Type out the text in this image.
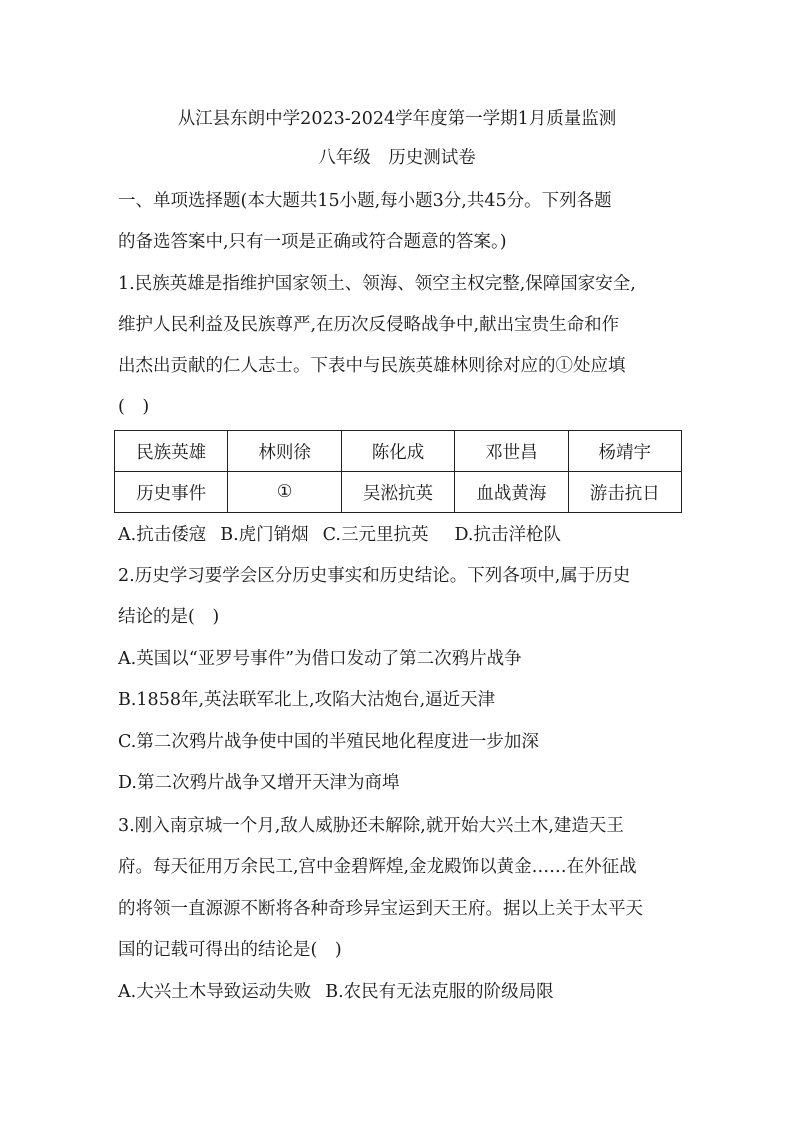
从江县东朗中学2023-2024学年度第一学期1月质量监测
八年级　历史测试卷
一、单项选择题(本大题共15小题,每小题3分,共45分。下列各题
的备选答案中,只有一项是正确或符合题意的答案。)
1.民族英雄是指维护国家领土、领海、领空主权完整,保障国家安全,
维护人民利益及民族尊严,在历次反侵略战争中,献出宝贵生命和作
出杰出贡献的仁人志士。下表中与民族英雄林则徐对应的①处应填
(　)
民族英雄	林则徐	陈化成	邓世昌	杨靖宇
历史事件	①	吴淞抗英	血战黄海	游击抗日
A.抗击倭寇 B.虎门销烟 C.三元里抗英 D.抗击洋枪队
2.历史学习要学会区分历史事实和历史结论。下列各项中,属于历史
结论的是(　)
A.英国以“亚罗号事件”为借口发动了第二次鸦片战争
B.1858年,英法联军北上,攻陷大沽炮台,逼近天津
C.第二次鸦片战争使中国的半殖民地化程度进一步加深
D.第二次鸦片战争又增开天津为商埠
3.刚入南京城一个月,敌人威胁还未解除,就开始大兴土木,建造天王
府。每天征用万余民工,宫中金碧辉煌,金龙殿饰以黄金……在外征战
的将领一直源源不断将各种奇珍异宝运到天王府。据以上关于太平天
国的记载可得出的结论是(　)
A.大兴土木导致运动失败 B.农民有无法克服的阶级局限
